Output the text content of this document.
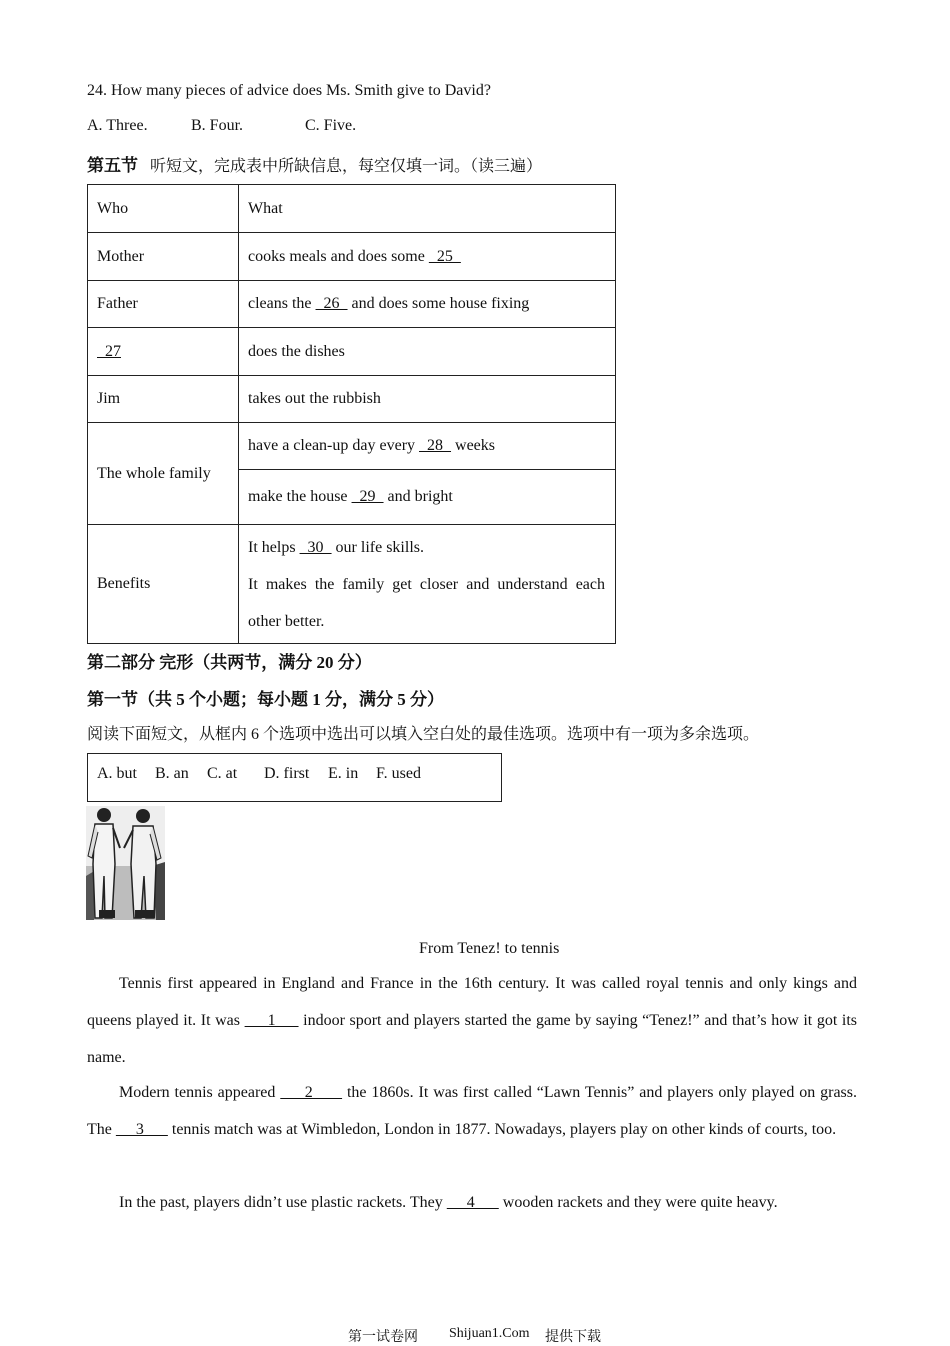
24. How many pieces of advice does Ms. Smith give to David?
A. Three.	B. Four.	C. Five.
第五节 听短文，完成表中所缺信息，每空仅填一词。（读三遍）
Who	What
Mother	cooks meals and does some   25
Father	cleans the   26   and does some house fixing
27	does the dishes
Jim	takes out the rubbish
The whole family	have a clean-up day every   28   weeks
	make the house   29   and bright
Benefits	It helps   30   our life skills.

It makes the family get closer and understand each other better.

第二部分 完形（共两节，满分 20 分）
第一节（共 5 个小题；每小题 1 分，满分 5 分）
阅读下面短文，从框内 6 个选项中选出可以填入空白处的最佳选项。选项中有一项为多余选项。
A. but B. an C. at D. first E. in F. used
From Tenez! to tennis
Tennis first appeared in England and France in the 16th century. It was called royal tennis and only kings and queens played it. It was      1      indoor sport and players started the game by saying “Tenez!” and that’s how it got its name.
Modern tennis appeared      2       the 1860s. It was first called “Lawn Tennis” and players only played on grass. The      3       tennis match was at Wimbledon, London in 1877. Nowadays, players play on other kinds of courts, too.
In the past, players didn’t use plastic rackets. They      4       wooden rackets and they were quite heavy.
第一试卷网 Shijuan1.Com 提供下载
